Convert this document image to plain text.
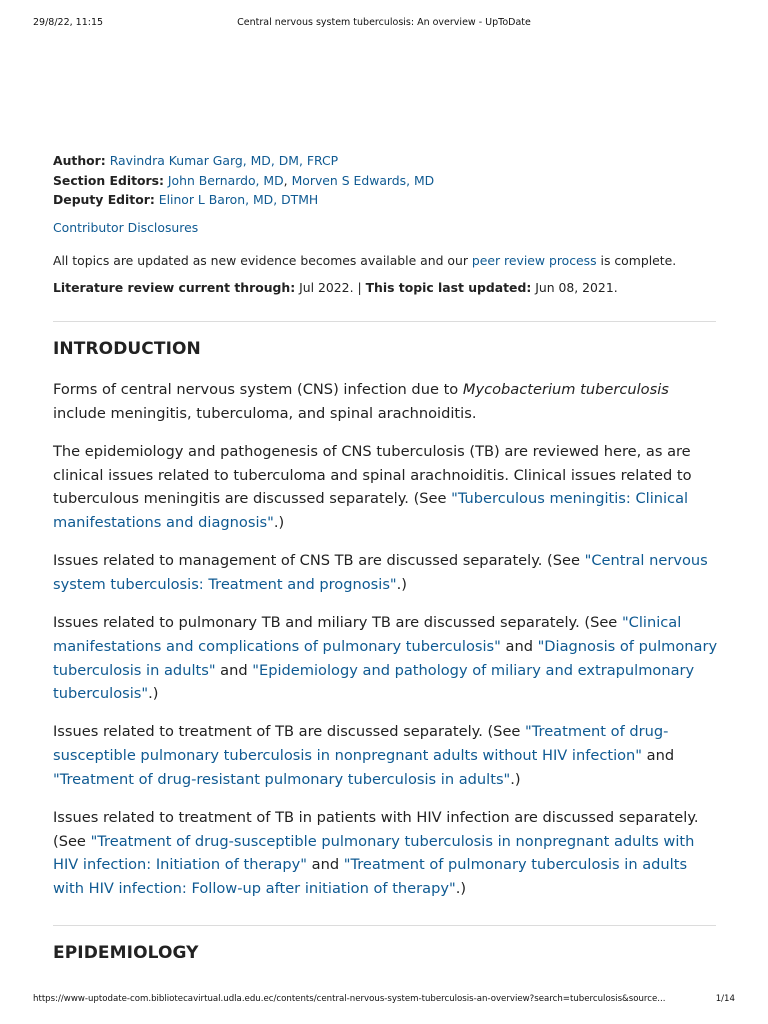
29/8/22, 11:15	Central nervous system tuberculosis: An overview - UpToDate
Author: Ravindra Kumar Garg, MD, DM, FRCP
Section Editors: John Bernardo, MD, Morven S Edwards, MD
Deputy Editor: Elinor L Baron, MD, DTMH
Contributor Disclosures
All topics are updated as new evidence becomes available and our peer review process is complete.
Literature review current through: Jul 2022. | This topic last updated: Jun 08, 2021.
INTRODUCTION

Forms of central nervous system (CNS) infection due to Mycobacterium tuberculosis include meningitis, tuberculoma, and spinal arachnoiditis.

The epidemiology and pathogenesis of CNS tuberculosis (TB) are reviewed here, as are clinical issues related to tuberculoma and spinal arachnoiditis. Clinical issues related to tuberculous meningitis are discussed separately. (See "Tuberculous meningitis: Clinical manifestations and diagnosis".)

Issues related to management of CNS TB are discussed separately. (See "Central nervous system tuberculosis: Treatment and prognosis".)

Issues related to pulmonary TB and miliary TB are discussed separately. (See "Clinical manifestations and complications of pulmonary tuberculosis" and "Diagnosis of pulmonary tuberculosis in adults" and "Epidemiology and pathology of miliary and extrapulmonary tuberculosis".)

Issues related to treatment of TB are discussed separately. (See "Treatment of drug-susceptible pulmonary tuberculosis in nonpregnant adults without HIV infection" and "Treatment of drug-resistant pulmonary tuberculosis in adults".)

Issues related to treatment of TB in patients with HIV infection are discussed separately. (See "Treatment of drug-susceptible pulmonary tuberculosis in nonpregnant adults with HIV infection: Initiation of therapy" and "Treatment of pulmonary tuberculosis in adults with HIV infection: Follow-up after initiation of therapy".)

EPIDEMIOLOGY
https://www-uptodate-com.bibliotecavirtual.udla.edu.ec/contents/central-nervous-system-tuberculosis-an-overview?search=tuberculosis&source...	1/14
